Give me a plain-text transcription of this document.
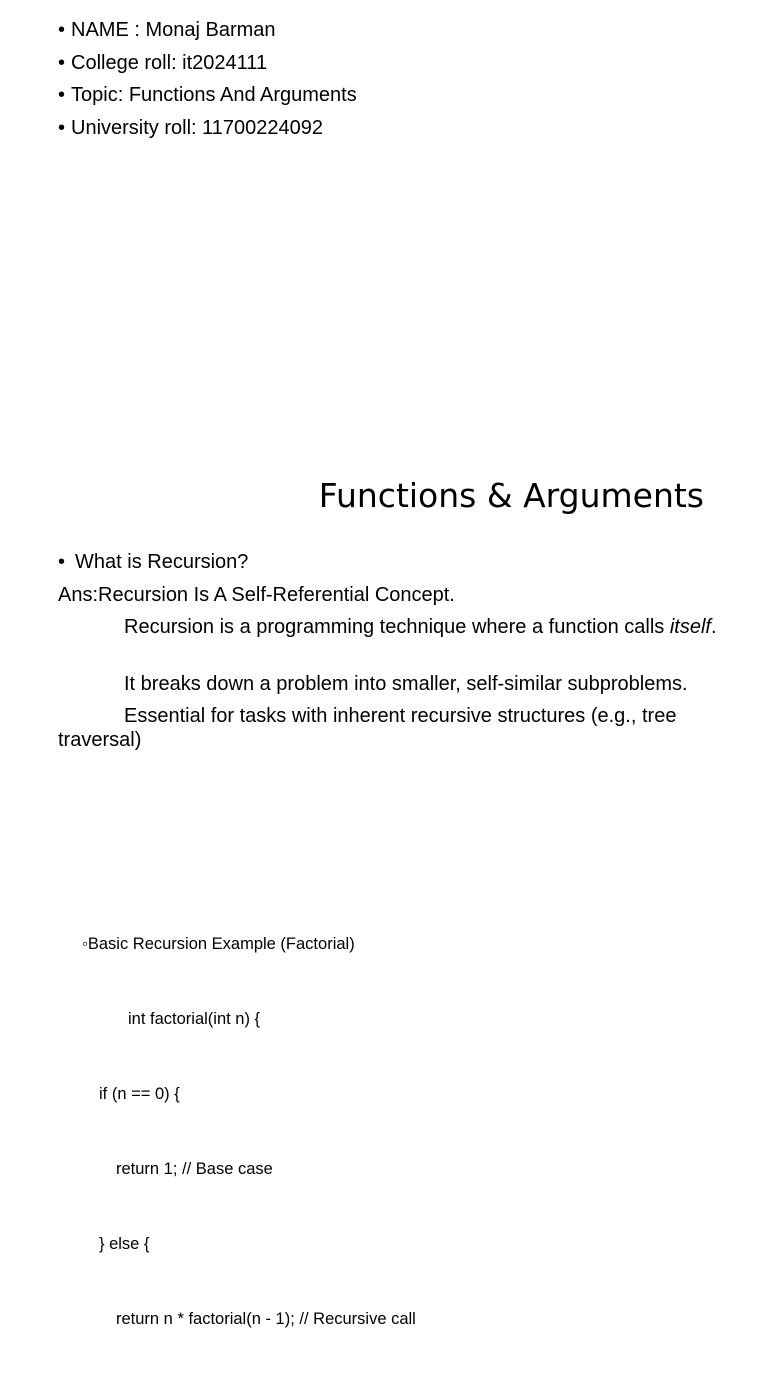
• NAME : Monaj Barman
• College roll: it2024111
• Topic: Functions And Arguments
• University roll: 11700224092
Functions & Arguments
• What is Recursion?
Ans:Recursion Is A Self-Referential Concept.
Recursion is a programming technique where a function calls itself.
It breaks down a problem into smaller, self-similar subproblems.
Essential for tasks with inherent recursive structures (e.g., tree traversal)

◦ Basic Recursion Example (Factorial)

int factorial(int n) {

if (n == 0) {

return 1; // Base case

} else {

return n * factorial(n - 1); // Recursive call
